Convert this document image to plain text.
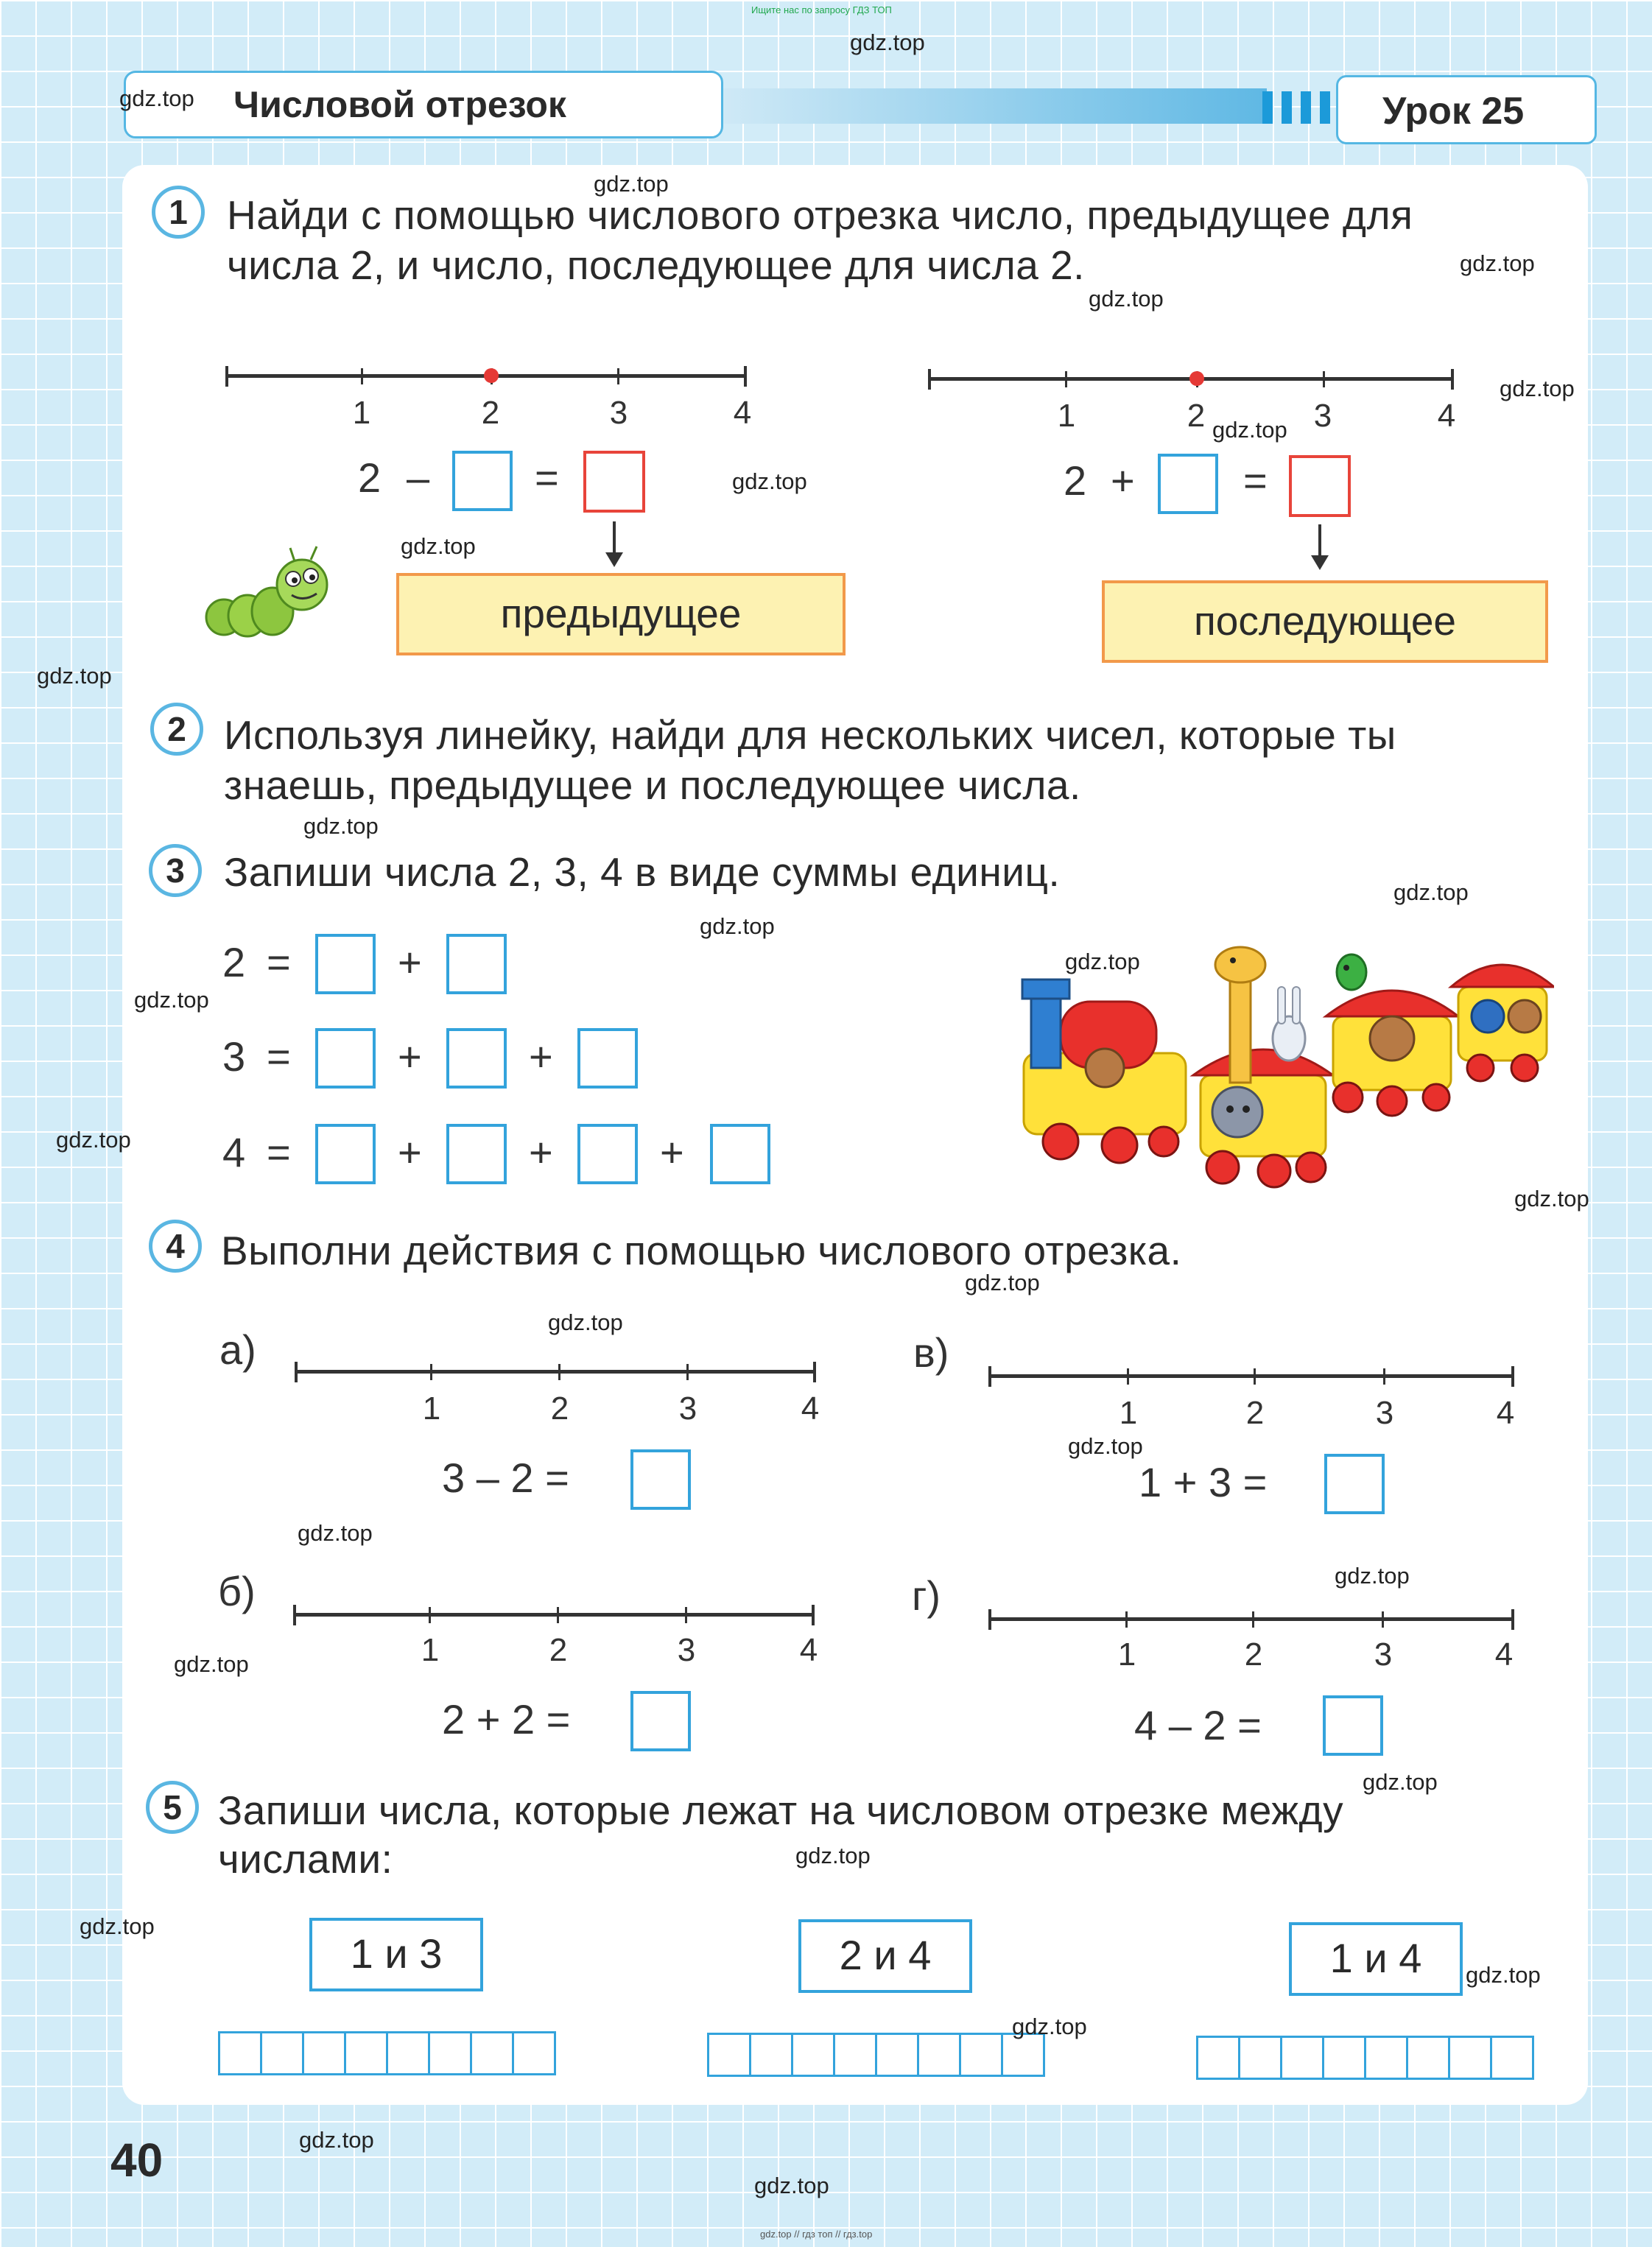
Ищите нас по запросу ГДЗ ТОП
Числовой отрезок	Урок 25
1 Найди с помощью числового отрезка число, предыдущее для
числа 2, и число, последующее для числа 2.
1	2	3	4	1	2	3	4
2 –	=
предыдущее
2 +	=
последующее
2 Используя линейку, найди для нескольких чисел, которые ты
знаешь, предыдущее и последующее числа.
3 Запиши числа 2, 3, 4 в виде суммы единиц.
2 =	+
3 =	+	+
4 =	+	+	+
4 Выполни действия с помощью числового отрезка.
а)
1	2	3	4
3 – 2 =
в)
1	2	3	4
1 + 3 =
б)
1	2	3	4
2 + 2 =
г)
1	2	3	4
4 – 2 =
5 Запиши числа, которые лежат на числовом отрезке между
числами:
1 и 3	2 и 4	1 и 4
40
gdz.top
gdz.top
gdz.top
gdz.top
gdz.top
gdz.top
gdz.top
gdz.top
gdz.top
gdz.top
gdz.top
gdz.top
gdz.top
gdz.top
gdz.top
gdz.top
gdz.top
gdz.top
gdz.top
gdz.top
gdz.top
gdz.top
gdz.top
gdz.top
gdz.top
gdz.top
gdz.top
gdz.top
gdz.top
gdz.top
gdz.top // гдз топ // гдз.top
